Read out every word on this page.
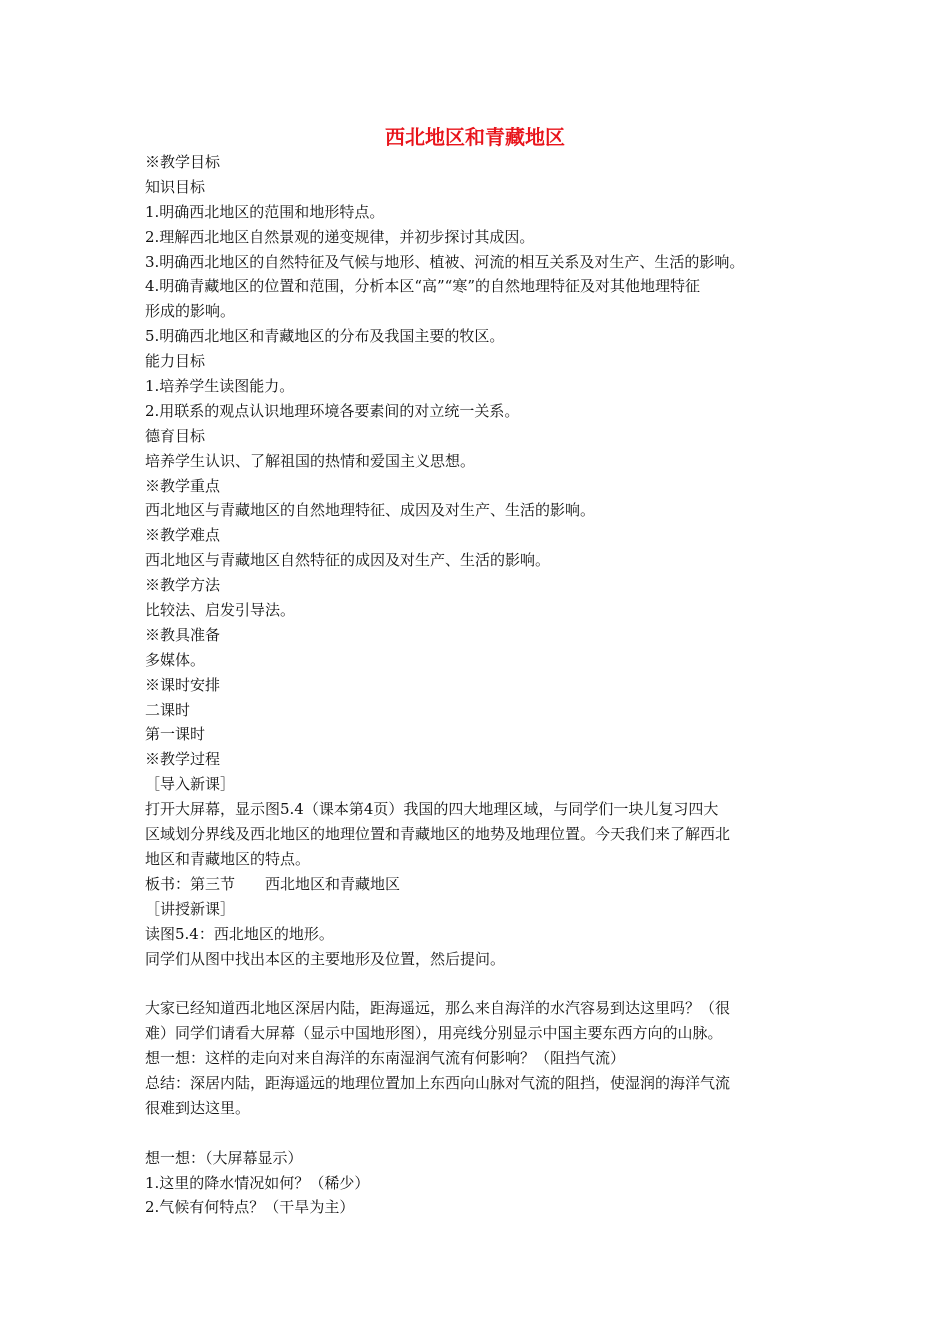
西北地区和青藏地区
※教学目标
知识目标
1.明确西北地区的范围和地形特点。
2.理解西北地区自然景观的递变规律，并初步探讨其成因。
3.明确西北地区的自然特征及气候与地形、植被、河流的相互关系及对生产、生活的影响。
4.明确青藏地区的位置和范围，分析本区“高”“寒”的自然地理特征及对其他地理特征
形成的影响。
5.明确西北地区和青藏地区的分布及我国主要的牧区。
能力目标
1.培养学生读图能力。
2.用联系的观点认识地理环境各要素间的对立统一关系。
德育目标
培养学生认识、了解祖国的热情和爱国主义思想。
※教学重点
西北地区与青藏地区的自然地理特征、成因及对生产、生活的影响。
※教学难点
西北地区与青藏地区自然特征的成因及对生产、生活的影响。
※教学方法
比较法、启发引导法。
※教具准备
多媒体。
※课时安排
二课时
第一课时
※教学过程
［导入新课］
打开大屏幕，显示图5.4（课本第4页）我国的四大地理区域，与同学们一块儿复习四大
区域划分界线及西北地区的地理位置和青藏地区的地势及地理位置。今天我们来了解西北
地区和青藏地区的特点。
板书：第三节　　西北地区和青藏地区
［讲授新课］
读图5.4：西北地区的地形。
同学们从图中找出本区的主要地形及位置，然后提问。
大家已经知道西北地区深居内陆，距海遥远，那么来自海洋的水汽容易到达这里吗？（很
难）同学们请看大屏幕（显示中国地形图），用亮线分别显示中国主要东西方向的山脉。
想一想：这样的走向对来自海洋的东南湿润气流有何影响？（阻挡气流）
总结：深居内陆，距海遥远的地理位置加上东西向山脉对气流的阻挡，使湿润的海洋气流
很难到达这里。
想一想：（大屏幕显示）
1.这里的降水情况如何？（稀少）
2.气候有何特点？（干旱为主）
